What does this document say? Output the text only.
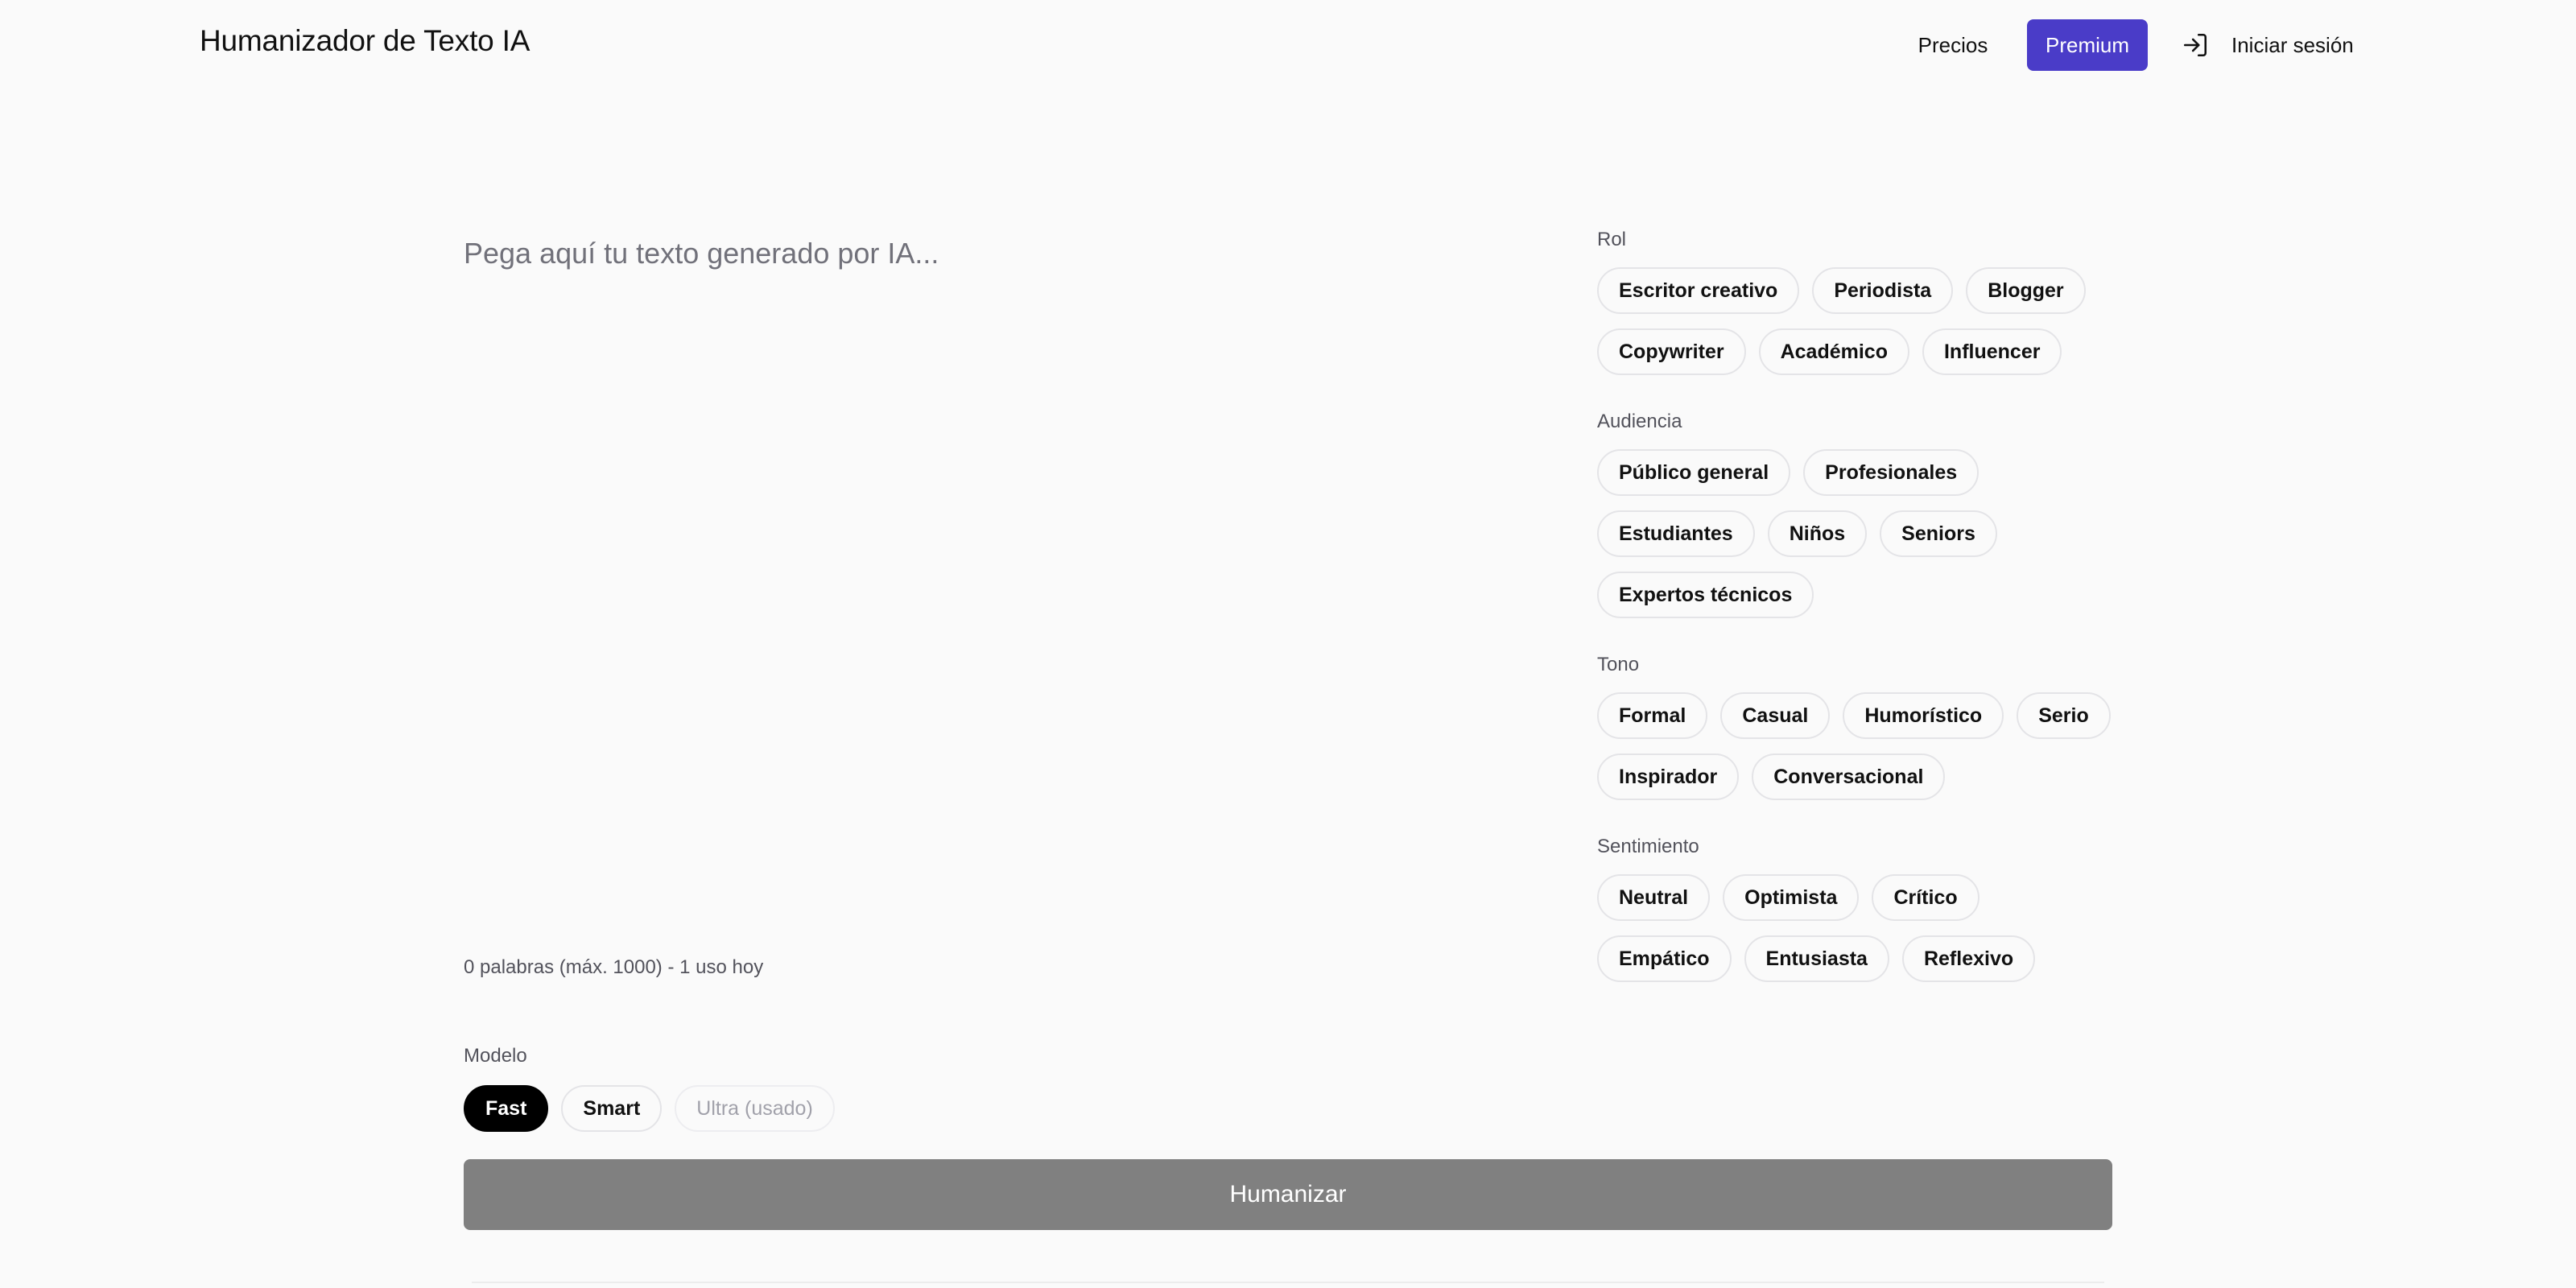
Humanizador de Texto IA	Precios	Premium	Iniciar sesión
Pega aquí tu texto generado por IA...
0 palabras (máx. 1000) - 1 uso hoy
Modelo
Fast	Smart	Ultra (usado)
Humanizar
Rol
Escritor creativo	Periodista	Blogger
Copywriter	Académico	Influencer
Audiencia
Público general	Profesionales
Estudiantes	Niños	Seniors
Expertos técnicos
Tono
Formal	Casual	Humorístico	Serio
Inspirador	Conversacional
Sentimiento
Neutral	Optimista	Crítico
Empático	Entusiasta	Reflexivo
